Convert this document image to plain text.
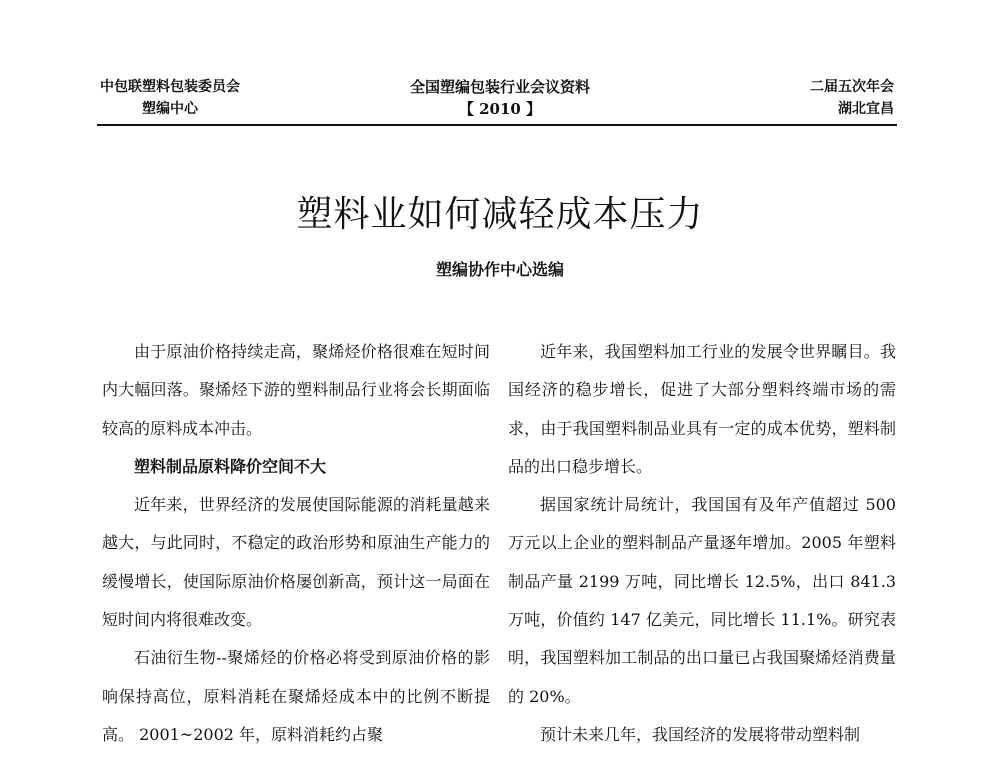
中包联塑料包装委员会
塑编中心
全国塑编包装行业会议资料
【 2010 】
二届五次年会
湖北宜昌
塑料业如何减轻成本压力
塑编协作中心选编

由于原油价格持续走高，聚烯烃价格很难在短时间内大幅回落。聚烯烃下游的塑料制品行业将会长期面临较高的原料成本冲击。

塑料制品原料降价空间不大

近年来，世界经济的发展使国际能源的消耗量越来越大，与此同时，不稳定的政治形势和原油生产能力的缓慢增长，使国际原油价格屡创新高，预计这一局面在短时间内将很难改变。

石油衍生物--聚烯烃的价格必将受到原油价格的影响保持高位，原料消耗在聚烯烃成本中的比例不断提高。 2001~2002 年，原料消耗约占聚

近年来，我国塑料加工行业的发展令世界瞩目。我国经济的稳步增长，促进了大部分塑料终端市场的需求，由于我国塑料制品业具有一定的成本优势，塑料制品的出口稳步增长。

据国家统计局统计，我国国有及年产值超过 500 万元以上企业的塑料制品产量逐年增加。2005 年塑料制品产量 2199 万吨，同比增长 12.5%，出口 841.3 万吨，价值约 147 亿美元，同比增长 11.1%。研究表明，我国塑料加工制品的出口量已占我国聚烯烃消费量的 20%。

预计未来几年，我国经济的发展将带动塑料制
